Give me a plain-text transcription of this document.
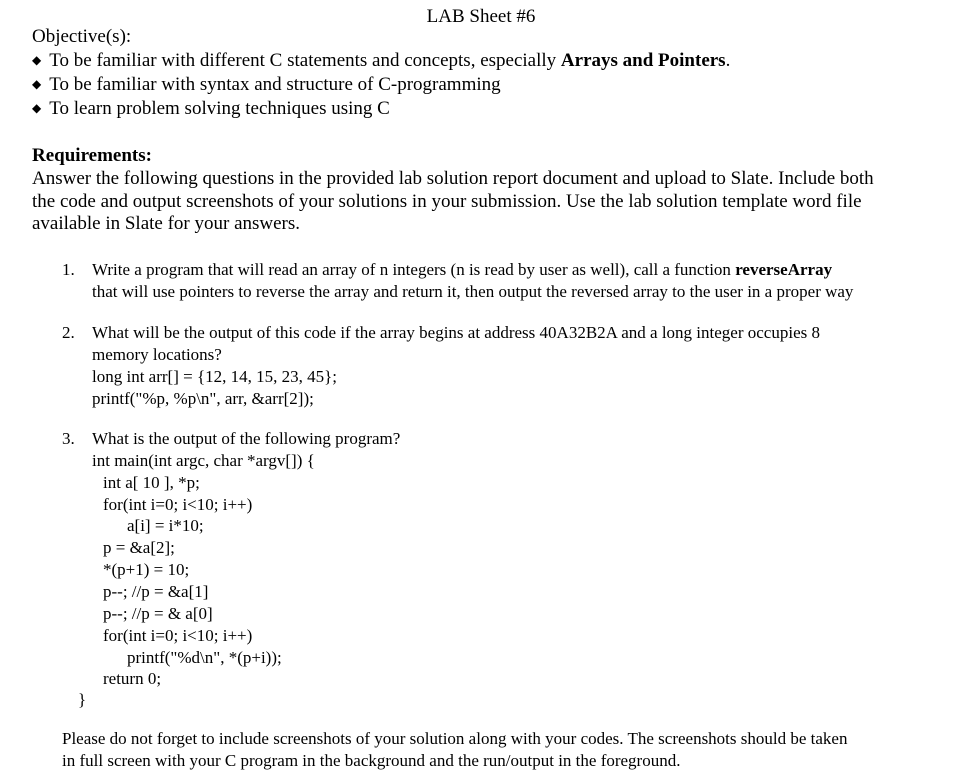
LAB Sheet #6
Objective(s):
◆ To be familiar with different C statements and concepts, especially Arrays and Pointers.
◆ To be familiar with syntax and structure of C-programming
◆ To learn problem solving techniques using C
Requirements:
Answer the following questions in the provided lab solution report document and upload to Slate. Include both
the code and output screenshots of your solutions in your submission. Use the lab solution template word file
available in Slate for your answers.
1. Write a program that will read an array of n integers (n is read by user as well), call a function reverseArray
that will use pointers to reverse the array and return it, then output the reversed array to the user in a proper way
2. What will be the output of this code if the array begins at address 40A32B2A and a long integer occupies 8
memory locations?
long int arr[] = {12, 14, 15, 23, 45};
printf("%p, %p\n", arr, &arr[2]);
3. What is the output of the following program?
int main(int argc, char *argv[]) {
int a[ 10 ], *p;
for(int i=0; i<10; i++)
a[i] = i*10;
p = &a[2];
*(p+1) = 10;
p--; //p = &a[1]
p--; //p = & a[0]
for(int i=0; i<10; i++)
printf("%d\n", *(p+i));
return 0;
}
Please do not forget to include screenshots of your solution along with your codes. The screenshots should be taken
in full screen with your C program in the background and the run/output in the foreground.
